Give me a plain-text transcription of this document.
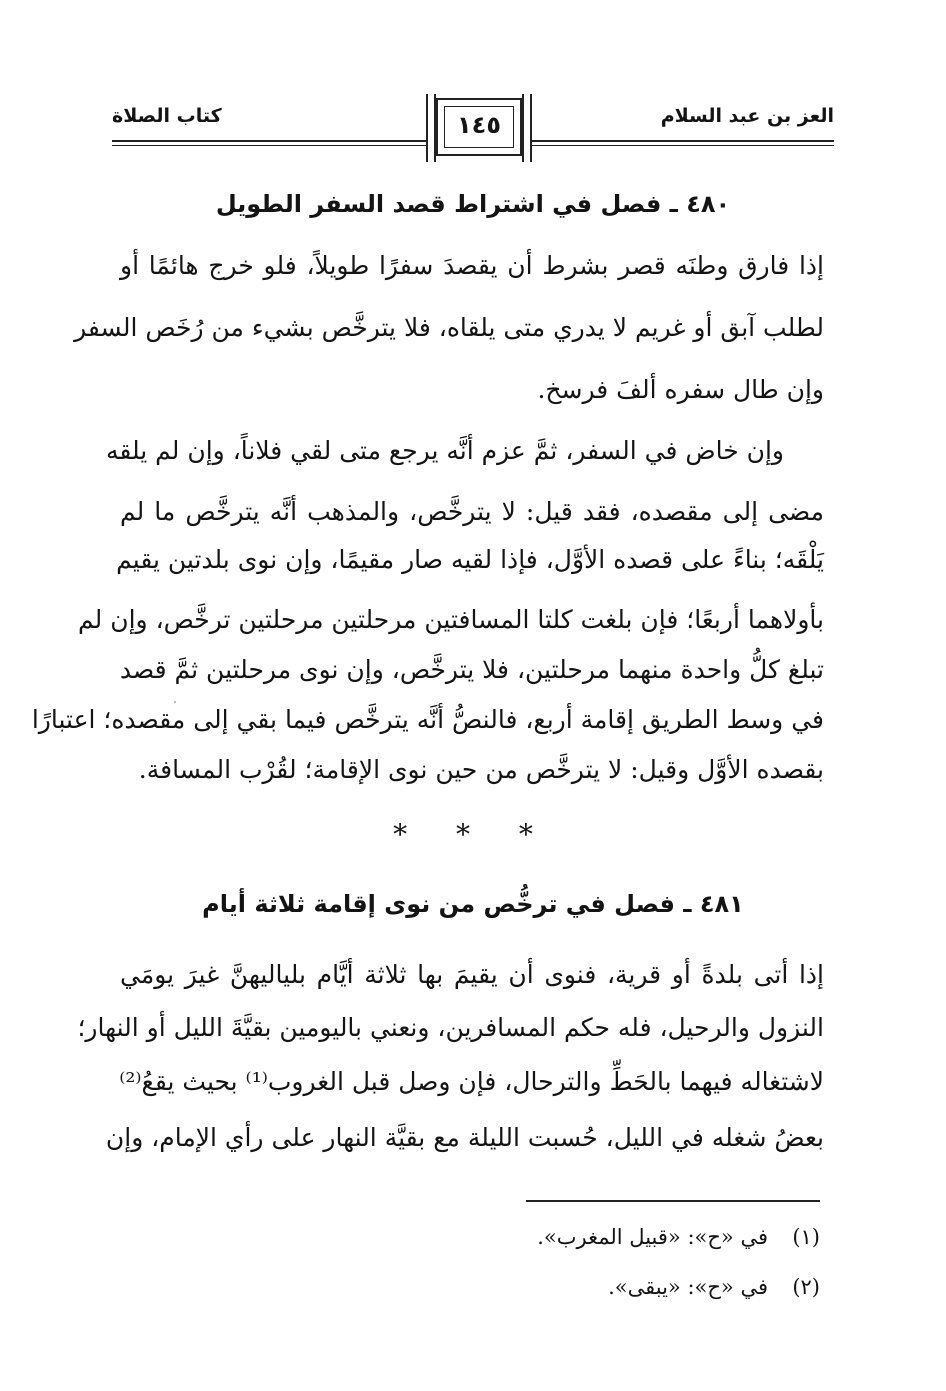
العز بن عبد السلام
كتاب الصلاة	١٤٥
٤٨٠ ـ فصل في اشتراط قصد السفر الطويل
إذا فارق وطنَه قصر بشرط أن يقصدَ سفرًا طويلاً، فلو خرج هائمًا أو
لطلب آبق أو غريم لا يدري متى يلقاه، فلا يترخَّص بشيء من رُخَص السفر
وإن طال سفره ألفَ فرسخ.
وإن خاض في السفر، ثمَّ عزم أنَّه يرجع متى لقي فلاناً، وإن لم يلقه
مضى إلى مقصده، فقد قيل: لا يترخَّص، والمذهب أنَّه يترخَّص ما لم
يَلْقَه؛ بناءً على قصده الأوَّل، فإذا لقيه صار مقيمًا، وإن نوى بلدتين يقيم
بأولاهما أربعًا؛ فإن بلغت كلتا المسافتين مرحلتين مرحلتين ترخَّص، وإن لم
تبلغ كلُّ واحدة منهما مرحلتين، فلا يترخَّص، وإن نوى مرحلتين ثمَّ قصد
في وسط الطريق إقامة أربع، فالنصُّ أنَّه يترخَّص فيما بقي إلى مقصده؛ اعتبارًا
بقصده الأوَّل وقيل: لا يترخَّص من حين نوى الإقامة؛ لقُرْب المسافة.
* * *
٤٨١ ـ فصل في ترخُّص من نوى إقامة ثلاثة أيام
إذا أتى بلدةً أو قرية، فنوى أن يقيمَ بها ثلاثة أيَّام بلياليهنَّ غيرَ يومَي
النزول والرحيل، فله حكم المسافرين، ونعني باليومين بقيَّةَ الليل أو النهار؛
لاشتغاله فيهما بالحَطِّ والترحال، فإن وصل قبل الغروب⁽¹⁾ بحيث يقعُ⁽²⁾
بعضُ شغله في الليل، حُسبت الليلة مع بقيَّة النهار على رأي الإمام، وإن
(١)في «ح»: «قبيل المغرب».
(٢)في «ح»: «يبقى».
